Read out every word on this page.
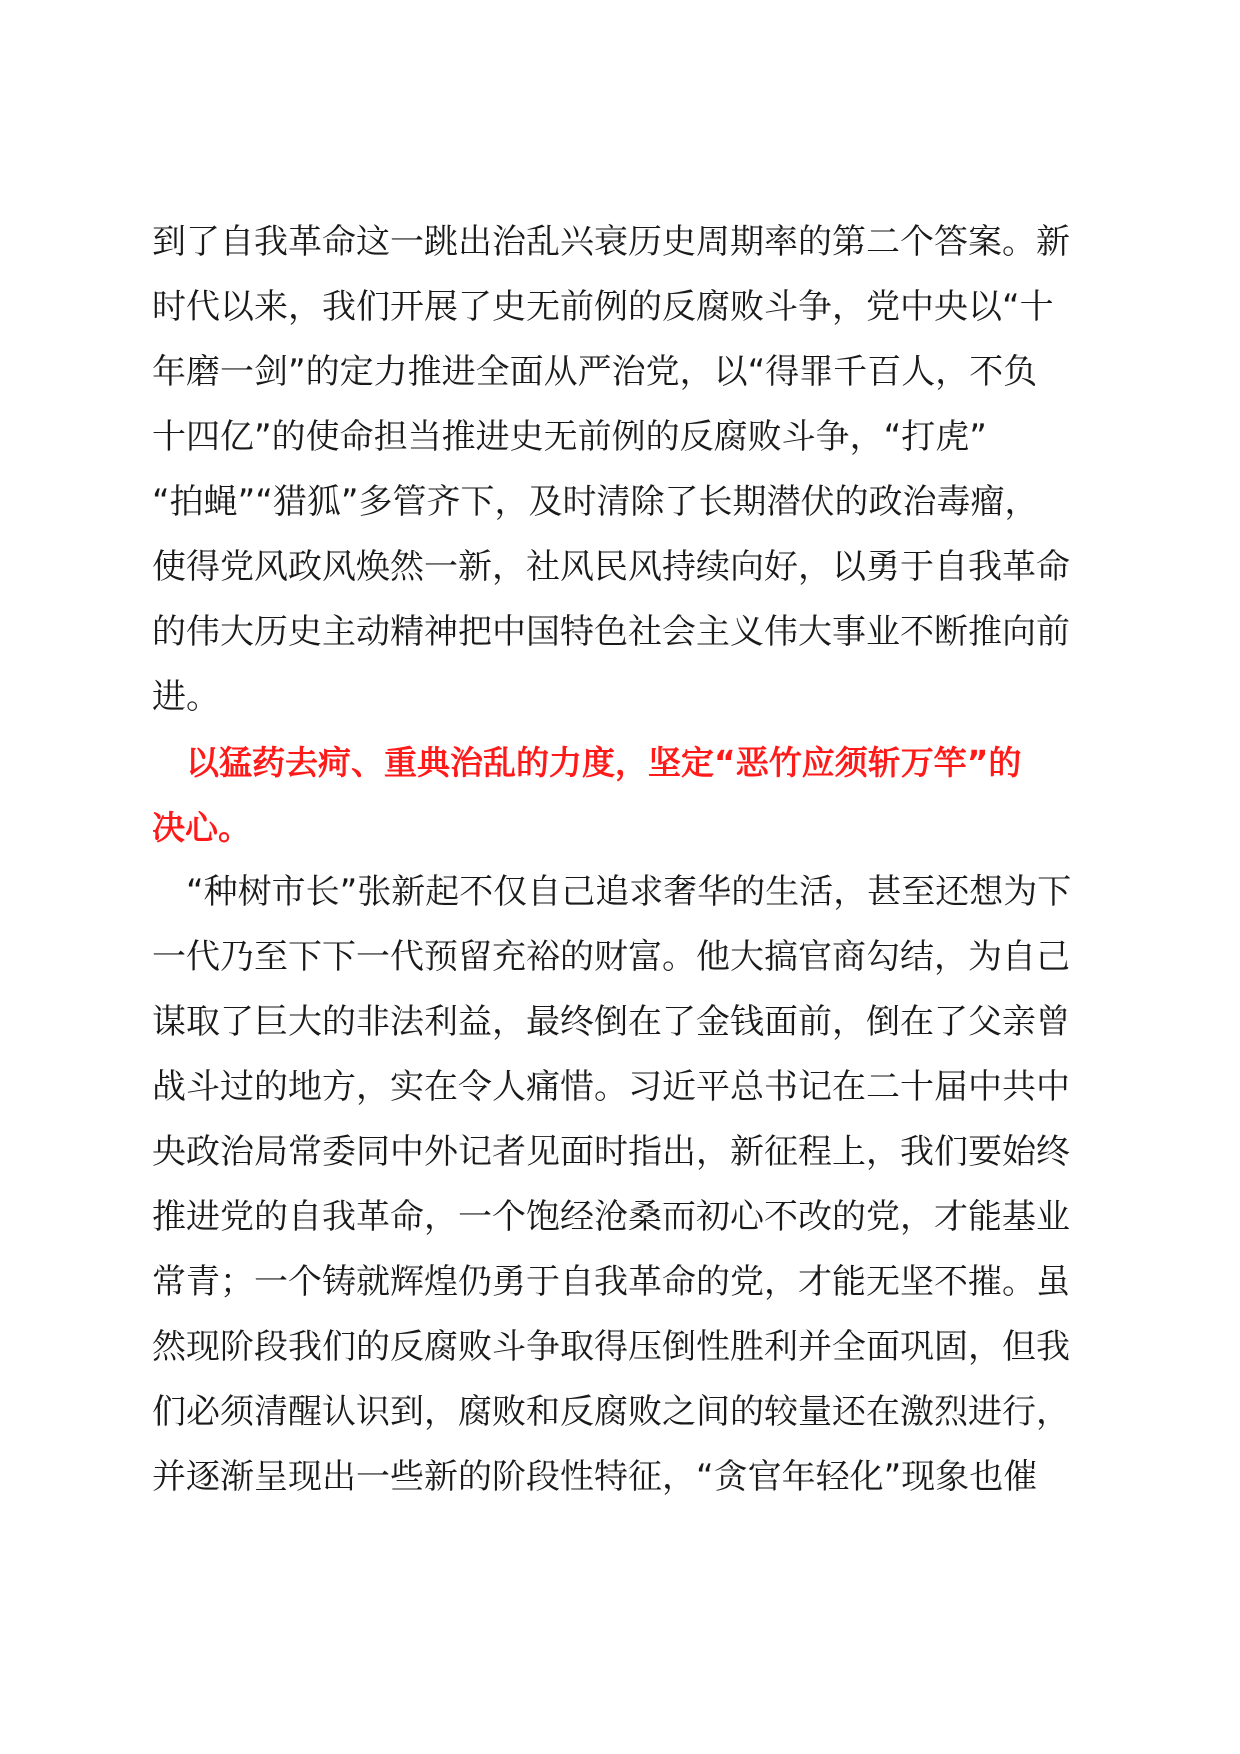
到了自我革命这一跳出治乱兴衰历史周期率的第二个答案。新
时代以来，我们开展了史无前例的反腐败斗争，党中央以“十
年磨一剑”的定力推进全面从严治党，以“得罪千百人，不负
十四亿”的使命担当推进史无前例的反腐败斗争，“打虎”
“拍蝇”“猎狐”多管齐下，及时清除了长期潜伏的政治毒瘤，
使得党风政风焕然一新，社风民风持续向好，以勇于自我革命
的伟大历史主动精神把中国特色社会主义伟大事业不断推向前
进。
以猛药去疴、重典治乱的力度，坚定“恶竹应须斩万竿”的
决心。
“种树市长”张新起不仅自己追求奢华的生活，甚至还想为下
一代乃至下下一代预留充裕的财富。他大搞官商勾结，为自己
谋取了巨大的非法利益，最终倒在了金钱面前，倒在了父亲曾
战斗过的地方，实在令人痛惜。习近平总书记在二十届中共中
央政治局常委同中外记者见面时指出，新征程上，我们要始终
推进党的自我革命，一个饱经沧桑而初心不改的党，才能基业
常青；一个铸就辉煌仍勇于自我革命的党，才能无坚不摧。虽
然现阶段我们的反腐败斗争取得压倒性胜利并全面巩固，但我
们必须清醒认识到，腐败和反腐败之间的较量还在激烈进行，
并逐渐呈现出一些新的阶段性特征，“贪官年轻化”现象也催
